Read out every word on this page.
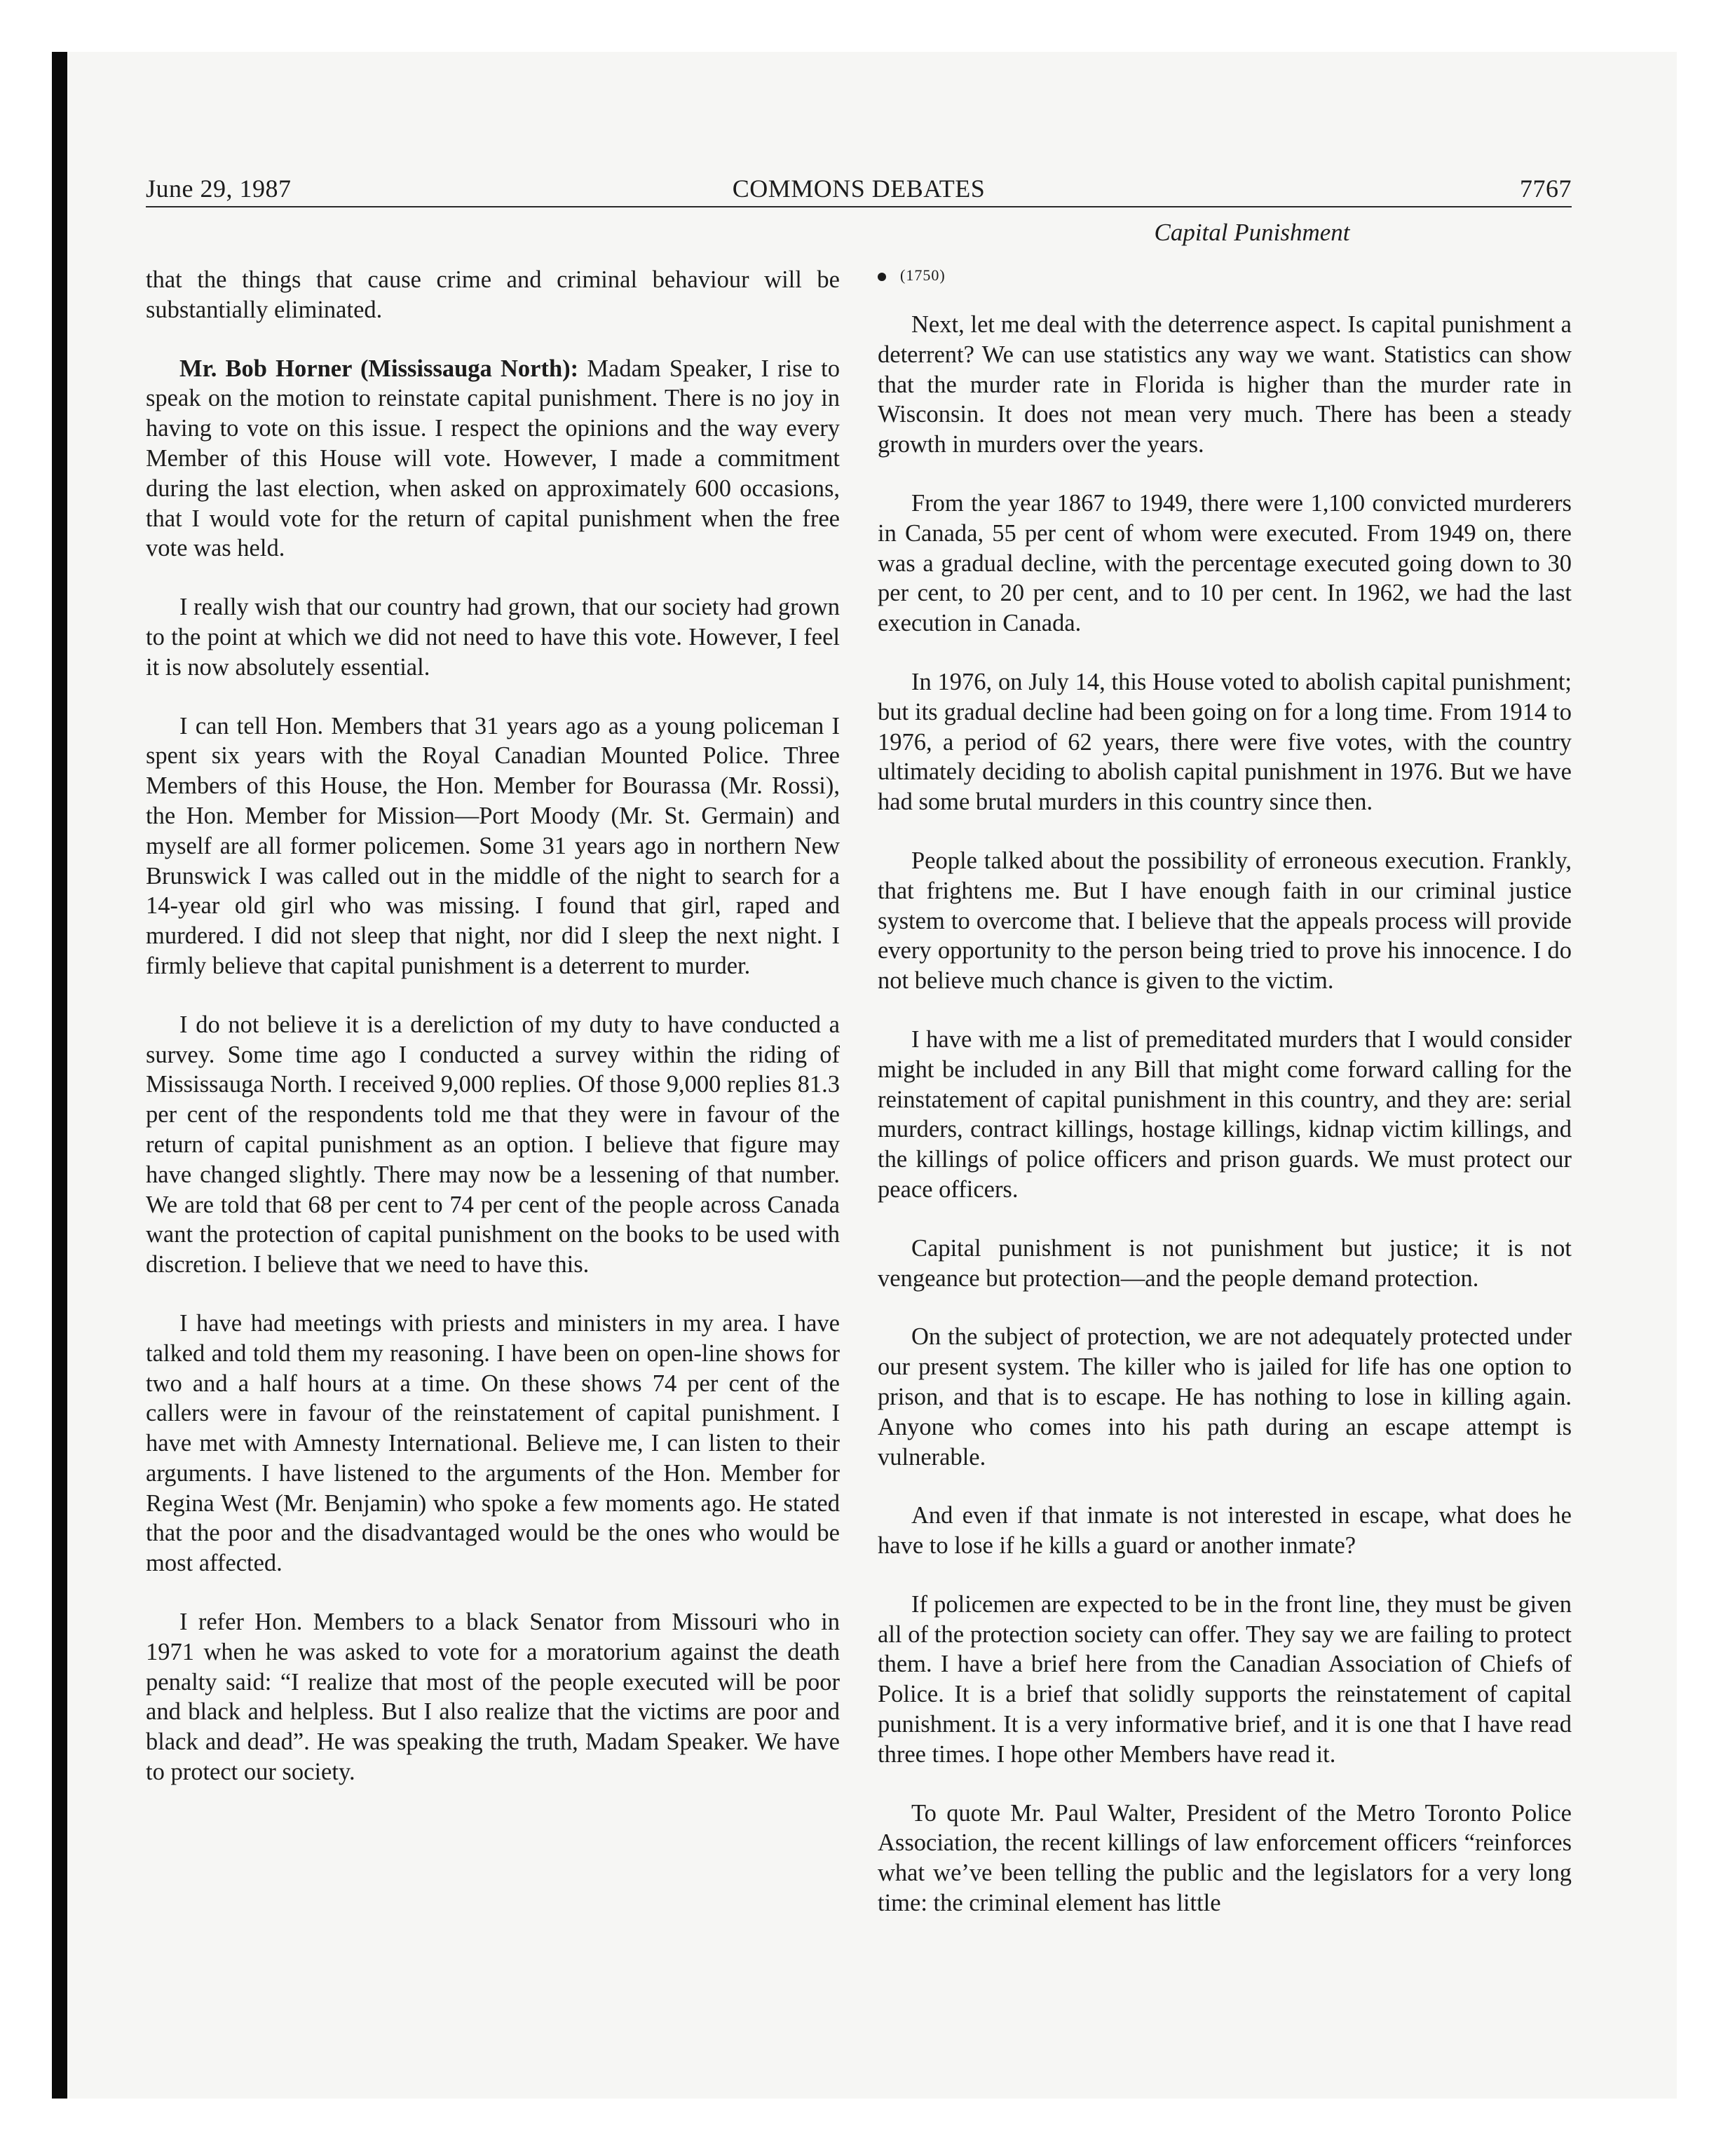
June 29, 1987	COMMONS DEBATES	7767
Capital Punishment

that the things that cause crime and criminal behaviour will be substantially eliminated.

Mr. Bob Horner (Mississauga North): Madam Speaker, I rise to speak on the motion to reinstate capital punishment. There is no joy in having to vote on this issue. I respect the opinions and the way every Member of this House will vote. However, I made a commitment during the last election, when asked on approximately 600 occasions, that I would vote for the return of capital punishment when the free vote was held.

I really wish that our country had grown, that our society had grown to the point at which we did not need to have this vote. However, I feel it is now absolutely essential.

I can tell Hon. Members that 31 years ago as a young policeman I spent six years with the Royal Canadian Mounted Police. Three Members of this House, the Hon. Member for Bourassa (Mr. Rossi), the Hon. Member for Mission—Port Moody (Mr. St. Germain) and myself are all former policemen. Some 31 years ago in northern New Brunswick I was called out in the middle of the night to search for a 14-year old girl who was missing. I found that girl, raped and murdered. I did not sleep that night, nor did I sleep the next night. I firmly believe that capital punishment is a deterrent to murder.

I do not believe it is a dereliction of my duty to have conducted a survey. Some time ago I conducted a survey within the riding of Mississauga North. I received 9,000 replies. Of those 9,000 replies 81.3 per cent of the respondents told me that they were in favour of the return of capital punishment as an option. I believe that figure may have changed slightly. There may now be a lessening of that number. We are told that 68 per cent to 74 per cent of the people across Canada want the protection of capital punishment on the books to be used with discretion. I believe that we need to have this.

I have had meetings with priests and ministers in my area. I have talked and told them my reasoning. I have been on open-line shows for two and a half hours at a time. On these shows 74 per cent of the callers were in favour of the reinstatement of capital punishment. I have met with Amnesty International. Believe me, I can listen to their arguments. I have listened to the arguments of the Hon. Member for Regina West (Mr. Benjamin) who spoke a few moments ago. He stated that the poor and the disadvantaged would be the ones who would be most affected.

I refer Hon. Members to a black Senator from Missouri who in 1971 when he was asked to vote for a moratorium against the death penalty said: “I realize that most of the people executed will be poor and black and helpless. But I also realize that the victims are poor and black and dead”. He was speaking the truth, Madam Speaker. We have to protect our society.

(1750)

Next, let me deal with the deterrence aspect. Is capital punishment a deterrent? We can use statistics any way we want. Statistics can show that the murder rate in Florida is higher than the murder rate in Wisconsin. It does not mean very much. There has been a steady growth in murders over the years.

From the year 1867 to 1949, there were 1,100 convicted murderers in Canada, 55 per cent of whom were executed. From 1949 on, there was a gradual decline, with the percentage executed going down to 30 per cent, to 20 per cent, and to 10 per cent. In 1962, we had the last execution in Canada.

In 1976, on July 14, this House voted to abolish capital punishment; but its gradual decline had been going on for a long time. From 1914 to 1976, a period of 62 years, there were five votes, with the country ultimately deciding to abolish capital punishment in 1976. But we have had some brutal murders in this country since then.

People talked about the possibility of erroneous execution. Frankly, that frightens me. But I have enough faith in our criminal justice system to overcome that. I believe that the appeals process will provide every opportunity to the person being tried to prove his innocence. I do not believe much chance is given to the victim.

I have with me a list of premeditated murders that I would consider might be included in any Bill that might come forward calling for the reinstatement of capital punishment in this country, and they are: serial murders, contract killings, hostage killings, kidnap victim killings, and the killings of police officers and prison guards. We must protect our peace officers.

Capital punishment is not punishment but justice; it is not vengeance but protection—and the people demand protection.

On the subject of protection, we are not adequately protected under our present system. The killer who is jailed for life has one option to prison, and that is to escape. He has nothing to lose in killing again. Anyone who comes into his path during an escape attempt is vulnerable.

And even if that inmate is not interested in escape, what does he have to lose if he kills a guard or another inmate?

If policemen are expected to be in the front line, they must be given all of the protection society can offer. They say we are failing to protect them. I have a brief here from the Canadian Association of Chiefs of Police. It is a brief that solidly supports the reinstatement of capital punishment. It is a very informative brief, and it is one that I have read three times. I hope other Members have read it.

To quote Mr. Paul Walter, President of the Metro Toronto Police Association, the recent killings of law enforcement officers “reinforces what we’ve been telling the public and the legislators for a very long time: the criminal element has little
